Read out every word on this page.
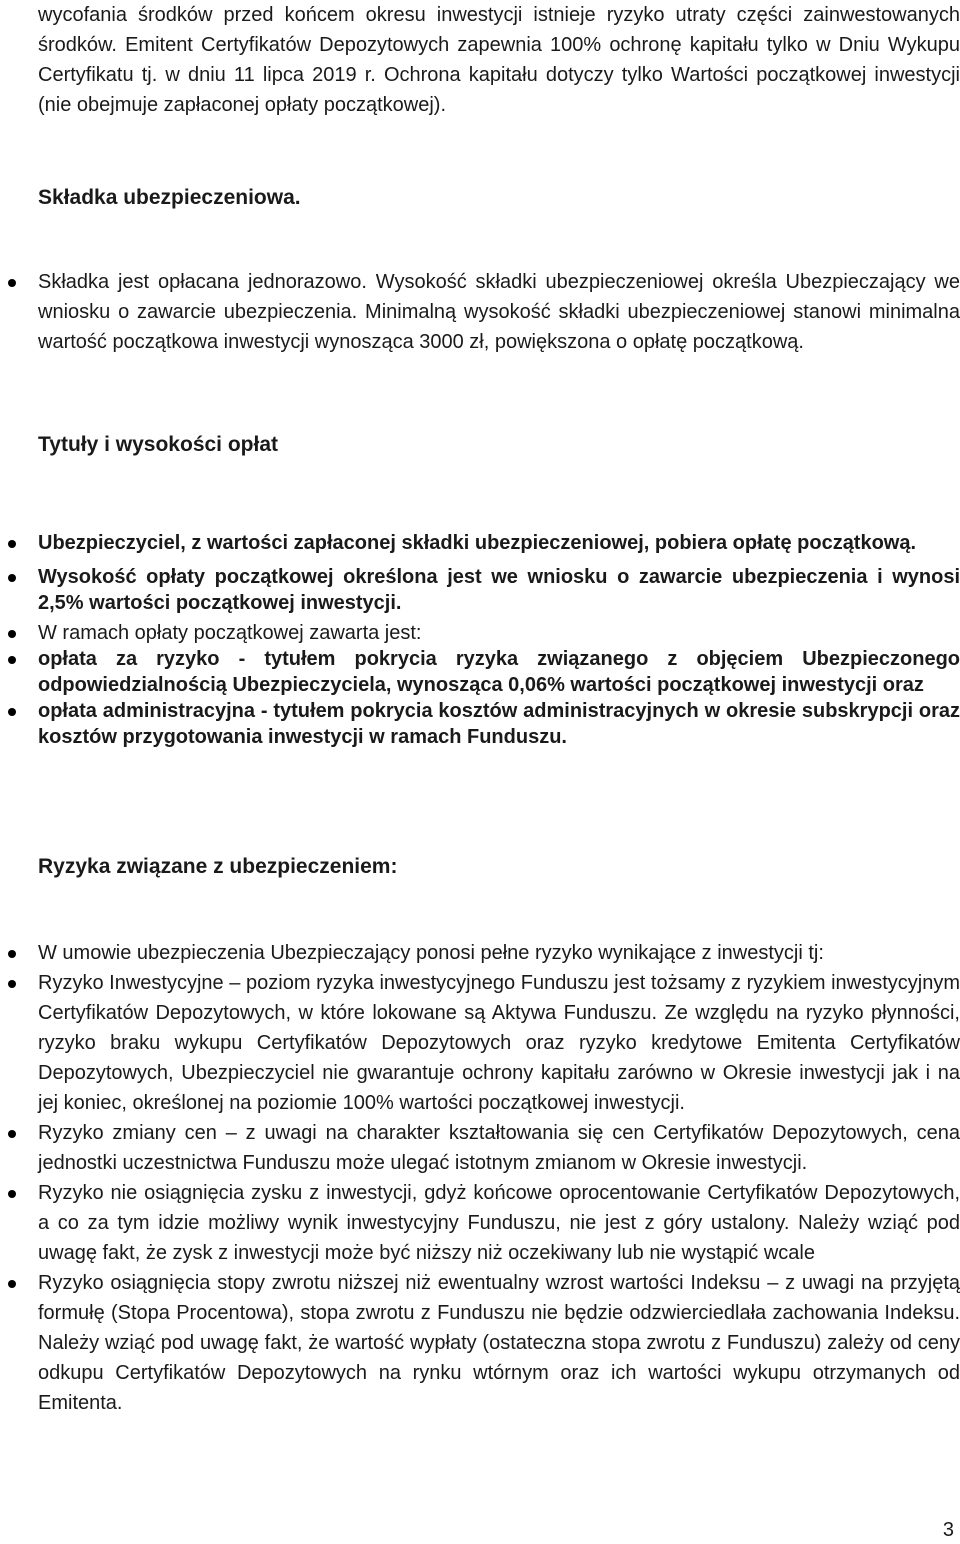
wycofania środków przed końcem okresu inwestycji istnieje ryzyko utraty części zainwestowanych środków. Emitent Certyfikatów Depozytowych zapewnia 100% ochronę kapitału tylko w Dniu Wykupu Certyfikatu tj. w dniu 11 lipca 2019 r. Ochrona kapitału dotyczy tylko Wartości początkowej inwestycji (nie obejmuje zapłaconej opłaty początkowej).

Składka ubezpieczeniowa.
Składka jest opłacana jednorazowo. Wysokość składki ubezpieczeniowej określa Ubezpieczający we wniosku o zawarcie ubezpieczenia. Minimalną wysokość składki ubezpieczeniowej stanowi minimalna wartość początkowa inwestycji wynosząca 3000 zł, powiększona o opłatę początkową.
Tytuły i wysokości opłat
Ubezpieczyciel, z wartości zapłaconej składki ubezpieczeniowej, pobiera opłatę początkową.
Wysokość opłaty początkowej określona jest we wniosku o zawarcie ubezpieczenia i wynosi 2,5% wartości początkowej inwestycji.
W ramach opłaty początkowej zawarta jest:
opłata za ryzyko - tytułem pokrycia ryzyka związanego z objęciem Ubezpieczonego odpowiedzialnością Ubezpieczyciela, wynosząca 0,06% wartości początkowej inwestycji oraz
opłata administracyjna - tytułem pokrycia kosztów administracyjnych w okresie subskrypcji oraz kosztów przygotowania inwestycji w ramach Funduszu.
Ryzyka związane z ubezpieczeniem:
W umowie ubezpieczenia Ubezpieczający ponosi pełne ryzyko wynikające z inwestycji tj:
Ryzyko Inwestycyjne – poziom ryzyka inwestycyjnego Funduszu jest tożsamy z ryzykiem inwestycyjnym Certyfikatów Depozytowych, w które lokowane są Aktywa Funduszu. Ze względu na ryzyko płynności, ryzyko braku wykupu Certyfikatów Depozytowych oraz ryzyko kredytowe Emitenta Certyfikatów Depozytowych, Ubezpieczyciel nie gwarantuje ochrony kapitału zarówno w Okresie inwestycji jak i na jej koniec, określonej na poziomie 100% wartości początkowej inwestycji.
Ryzyko zmiany cen – z uwagi na charakter kształtowania się cen Certyfikatów Depozytowych, cena jednostki uczestnictwa Funduszu może ulegać istotnym zmianom w Okresie inwestycji.
Ryzyko nie osiągnięcia zysku z inwestycji, gdyż końcowe oprocentowanie Certyfikatów Depozytowych, a co za tym idzie możliwy wynik inwestycyjny Funduszu, nie jest z góry ustalony. Należy wziąć pod uwagę fakt, że zysk z inwestycji może być niższy niż oczekiwany lub nie wystąpić wcale
Ryzyko osiągnięcia stopy zwrotu niższej niż ewentualny wzrost wartości Indeksu – z uwagi na przyjętą formułę (Stopa Procentowa), stopa zwrotu z Funduszu nie będzie odzwierciedlała zachowania Indeksu. Należy wziąć pod uwagę fakt, że wartość wypłaty (ostateczna stopa zwrotu z Funduszu) zależy od ceny odkupu Certyfikatów Depozytowych na rynku wtórnym oraz ich wartości wykupu otrzymanych od Emitenta.
3
